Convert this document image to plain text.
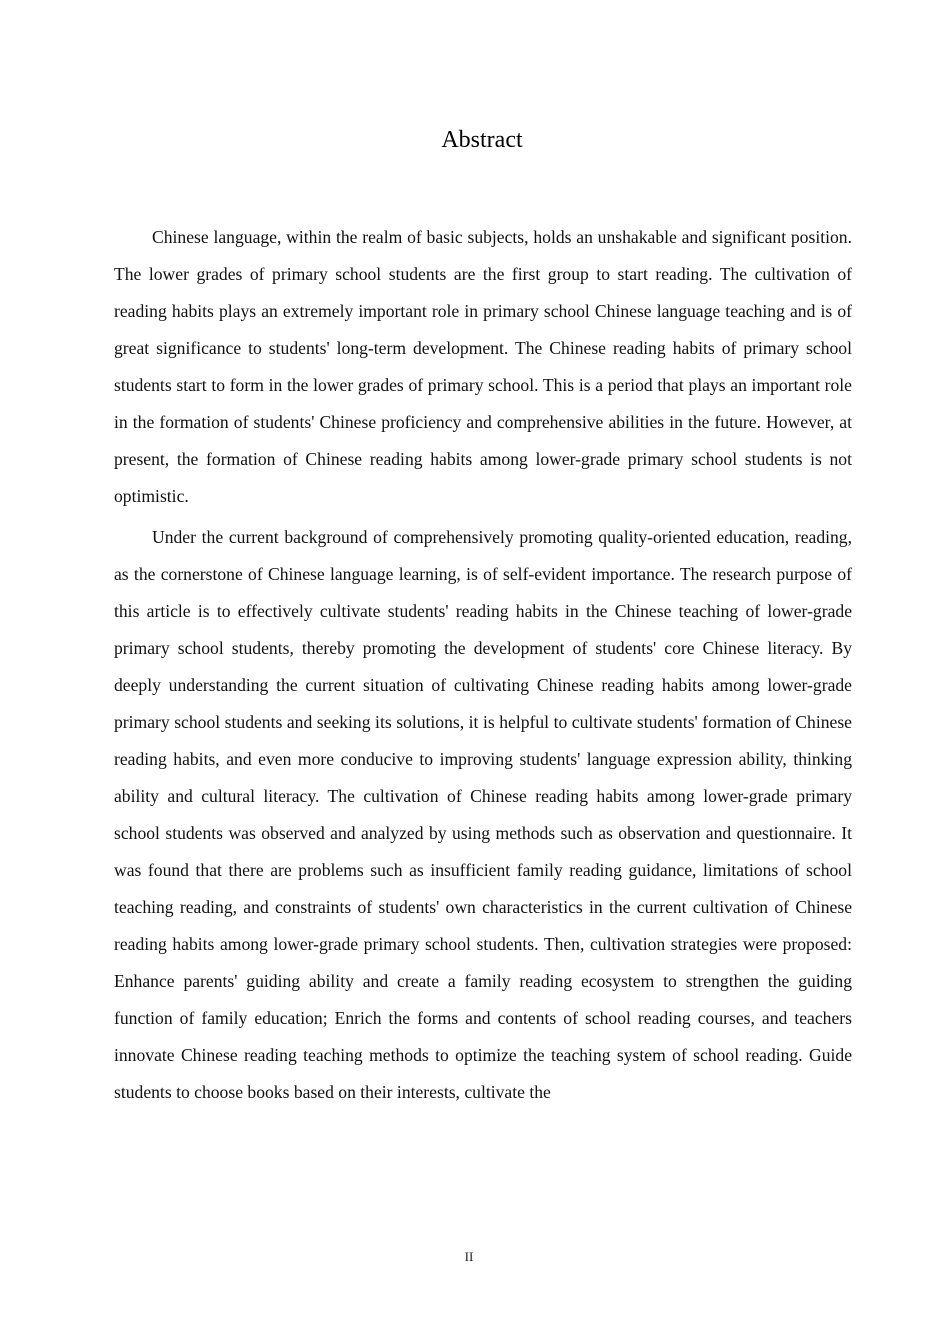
Abstract

Chinese language, within the realm of basic subjects, holds an unshakable and significant position. The lower grades of primary school students are the first group to start reading. The cultivation of reading habits plays an extremely important role in primary school Chinese language teaching and is of great significance to students' long-term development. The Chinese reading habits of primary school students start to form in the lower grades of primary school. This is a period that plays an important role in the formation of students' Chinese proficiency and comprehensive abilities in the future. However, at present, the formation of Chinese reading habits among lower-grade primary school students is not optimistic.

Under the current background of comprehensively promoting quality-oriented education, reading, as the cornerstone of Chinese language learning, is of self-evident importance. The research purpose of this article is to effectively cultivate students' reading habits in the Chinese teaching of lower-grade primary school students, thereby promoting the development of students' core Chinese literacy. By deeply understanding the current situation of cultivating Chinese reading habits among lower-grade primary school students and seeking its solutions, it is helpful to cultivate students' formation of Chinese reading habits, and even more conducive to improving students' language expression ability, thinking ability and cultural literacy. The cultivation of Chinese reading habits among lower-grade primary school students was observed and analyzed by using methods such as observation and questionnaire. It was found that there are problems such as insufficient family reading guidance, limitations of school teaching reading, and constraints of students' own characteristics in the current cultivation of Chinese reading habits among lower-grade primary school students. Then, cultivation strategies were proposed: Enhance parents' guiding ability and create a family reading ecosystem to strengthen the guiding function of family education; Enrich the forms and contents of school reading courses, and teachers innovate Chinese reading teaching methods to optimize the teaching system of school reading. Guide students to choose books based on their interests, cultivate the

II
